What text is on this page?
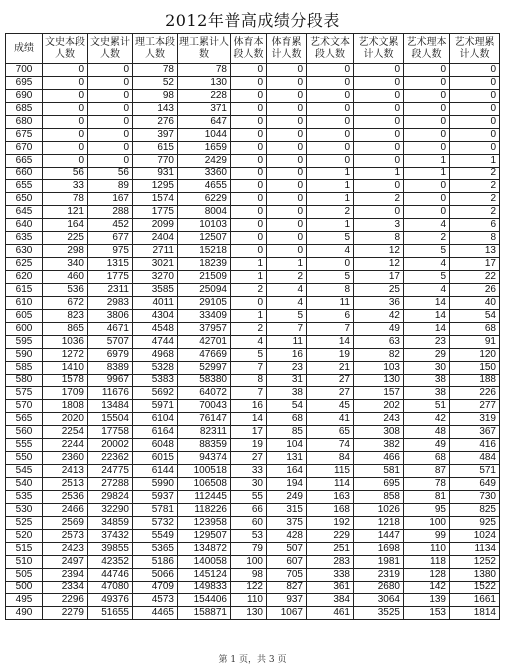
2012年普高成绩分段表
成绩	文史本段人数	文史累计人数	理工本段人数	理工累计人数	体育本段人数	体育累计人数	艺术文本段人数	艺术文累计人数	艺术理本段人数	艺术理累计人数
700	0	0	78	78	0	0	0	0	0	0
695	0	0	52	130	0	0	0	0	0	0
690	0	0	98	228	0	0	0	0	0	0
685	0	0	143	371	0	0	0	0	0	0
680	0	0	276	647	0	0	0	0	0	0
675	0	0	397	1044	0	0	0	0	0	0
670	0	0	615	1659	0	0	0	0	0	0
665	0	0	770	2429	0	0	0	0	1	1
660	56	56	931	3360	0	0	1	1	1	2
655	33	89	1295	4655	0	0	1	0	0	2
650	78	167	1574	6229	0	0	1	2	0	2
645	121	288	1775	8004	0	0	2	0	0	2
640	164	452	2099	10103	0	0	1	3	4	6
635	225	677	2404	12507	0	0	5	8	2	8
630	298	975	2711	15218	0	0	4	12	5	13
625	340	1315	3021	18239	1	1	0	12	4	17
620	460	1775	3270	21509	1	2	5	17	5	22
615	536	2311	3585	25094	2	4	8	25	4	26
610	672	2983	4011	29105	0	4	11	36	14	40
605	823	3806	4304	33409	1	5	6	42	14	54
600	865	4671	4548	37957	2	7	7	49	14	68
595	1036	5707	4744	42701	4	11	14	63	23	91
590	1272	6979	4968	47669	5	16	19	82	29	120
585	1410	8389	5328	52997	7	23	21	103	30	150
580	1578	9967	5383	58380	8	31	27	130	38	188
575	1709	11676	5692	64072	7	38	27	157	38	226
570	1808	13484	5971	70043	16	54	45	202	51	277
565	2020	15504	6104	76147	14	68	41	243	42	319
560	2254	17758	6164	82311	17	85	65	308	48	367
555	2244	20002	6048	88359	19	104	74	382	49	416
550	2360	22362	6015	94374	27	131	84	466	68	484
545	2413	24775	6144	100518	33	164	115	581	87	571
540	2513	27288	5990	106508	30	194	114	695	78	649
535	2536	29824	5937	112445	55	249	163	858	81	730
530	2466	32290	5781	118226	66	315	168	1026	95	825
525	2569	34859	5732	123958	60	375	192	1218	100	925
520	2573	37432	5549	129507	53	428	229	1447	99	1024
515	2423	39855	5365	134872	79	507	251	1698	110	1134
510	2497	42352	5186	140058	100	607	283	1981	118	1252
505	2394	44746	5066	145124	98	705	338	2319	128	1380
500	2334	47080	4709	149833	122	827	361	2680	142	1522
495	2296	49376	4573	154406	110	937	384	3064	139	1661
490	2279	51655	4465	158871	130	1067	461	3525	153	1814
第 1 页，共 3 页
